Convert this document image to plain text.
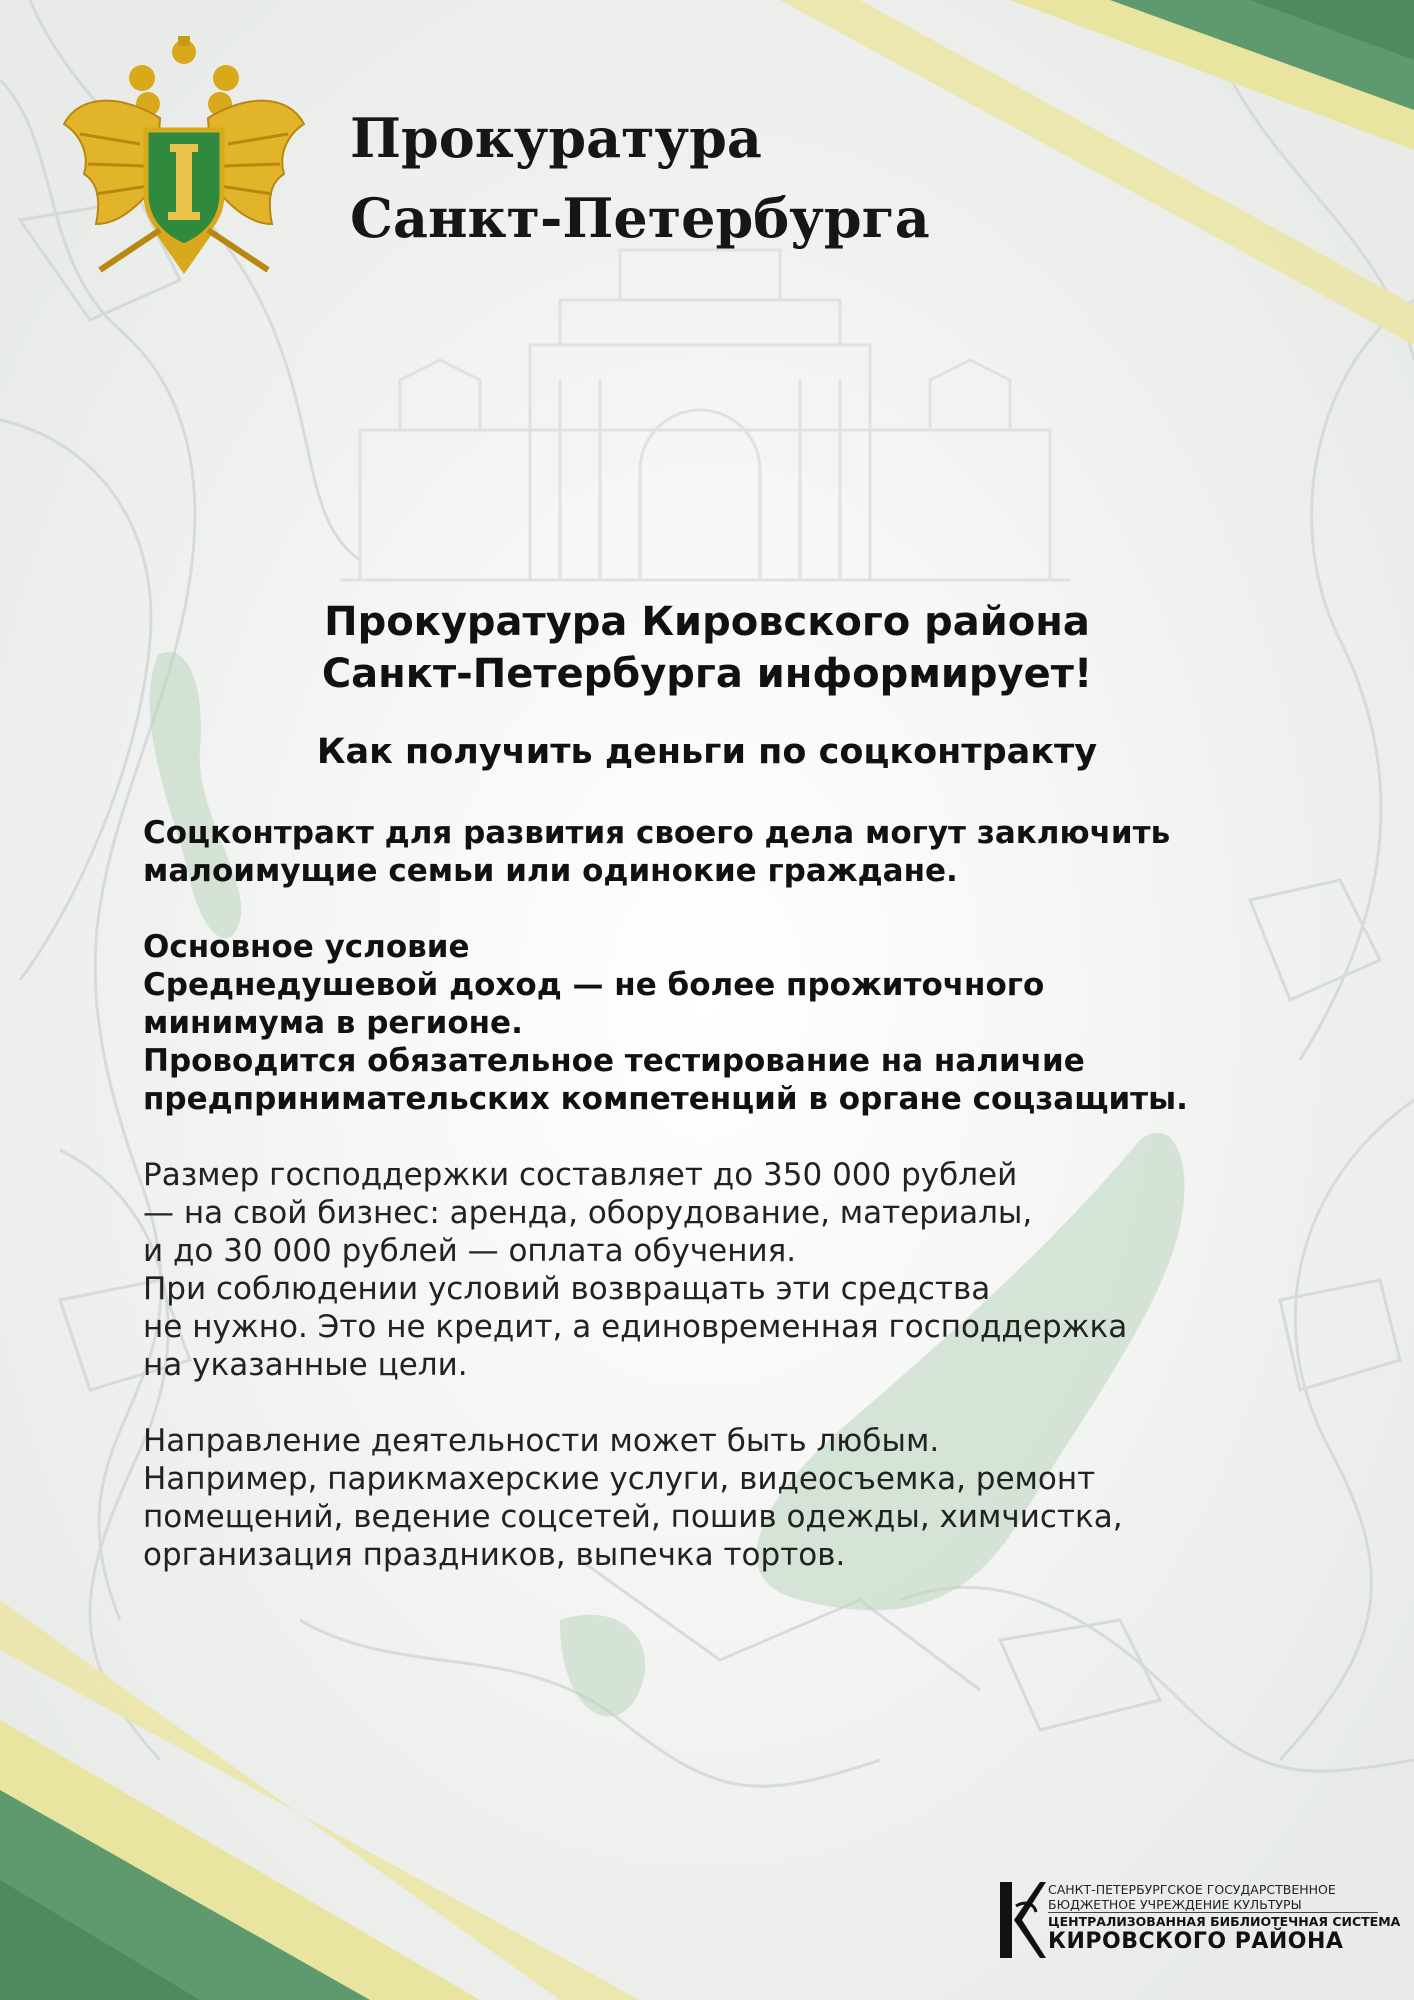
Прокуратура
Санкт-Петербурга
Прокуратура Кировского района
Санкт-Петербурга информирует!
Как получить деньги по соцконтракту

Соцконтракт для развития своего дела могут заключить
малоимущие семьи или одинокие граждане.

Основное условие
Среднедушевой доход — не более прожиточного
минимума в регионе.
Проводится обязательное тестирование на наличие
предпринимательских компетенций в органе соцзащиты.

Размер господдержки составляет до 350 000 рублей
— на свой бизнес: аренда, оборудование, материалы,
и до 30 000 рублей — оплата обучения.
При соблюдении условий возвращать эти средства
не нужно. Это не кредит, а единовременная господдержка
на указанные цели.

Направление деятельности может быть любым.
Например, парикмахерские услуги, видеосъемка, ремонт
помещений, ведение соцсетей, пошив одежды, химчистка,
организация праздников, выпечка тортов.

САНКТ-ПЕТЕРБУРГСКОЕ ГОСУДАРСТВЕННОЕ
БЮДЖЕТНОЕ УЧРЕЖДЕНИЕ КУЛЬТУРЫ
ЦЕНТРАЛИЗОВАННАЯ БИБЛИОТЕЧНАЯ СИСТЕМА
КИРОВСКОГО РАЙОНА
